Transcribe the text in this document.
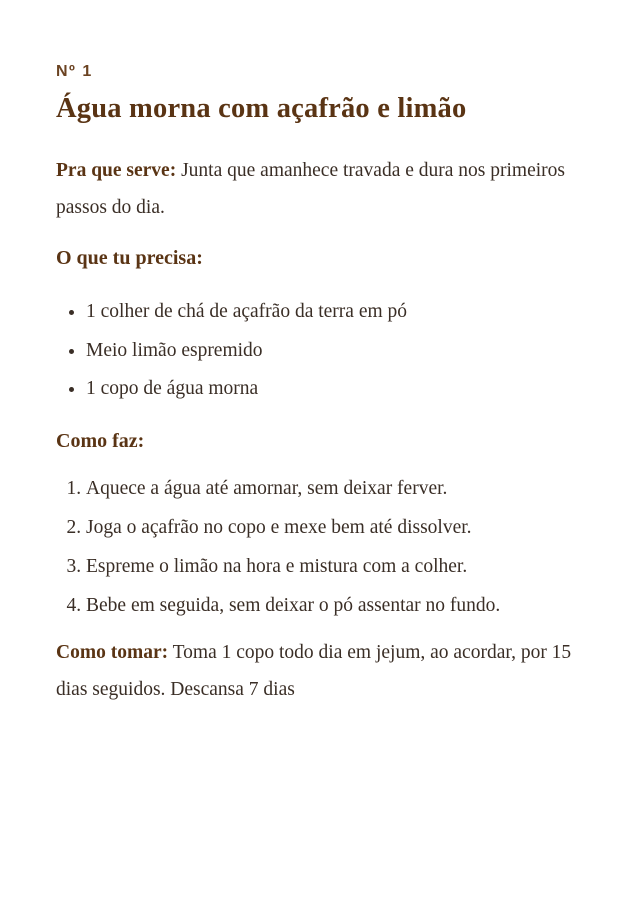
Nº 1
Água morna com açafrão e limão

Pra que serve: Junta que amanhece travada e dura nos primeiros passos do dia.

O que tu precisa:
• 1 colher de chá de açafrão da terra em pó
• Meio limão espremido
• 1 copo de água morna
Como faz:
1. Aquece a água até amornar, sem deixar ferver.
2. Joga o açafrão no copo e mexe bem até dissolver.
3. Espreme o limão na hora e mistura com a colher.
4. Bebe em seguida, sem deixar o pó assentar no fundo.

Como tomar: Toma 1 copo todo dia em jejum, ao acordar, por 15 dias seguidos. Descansa 7 dias
